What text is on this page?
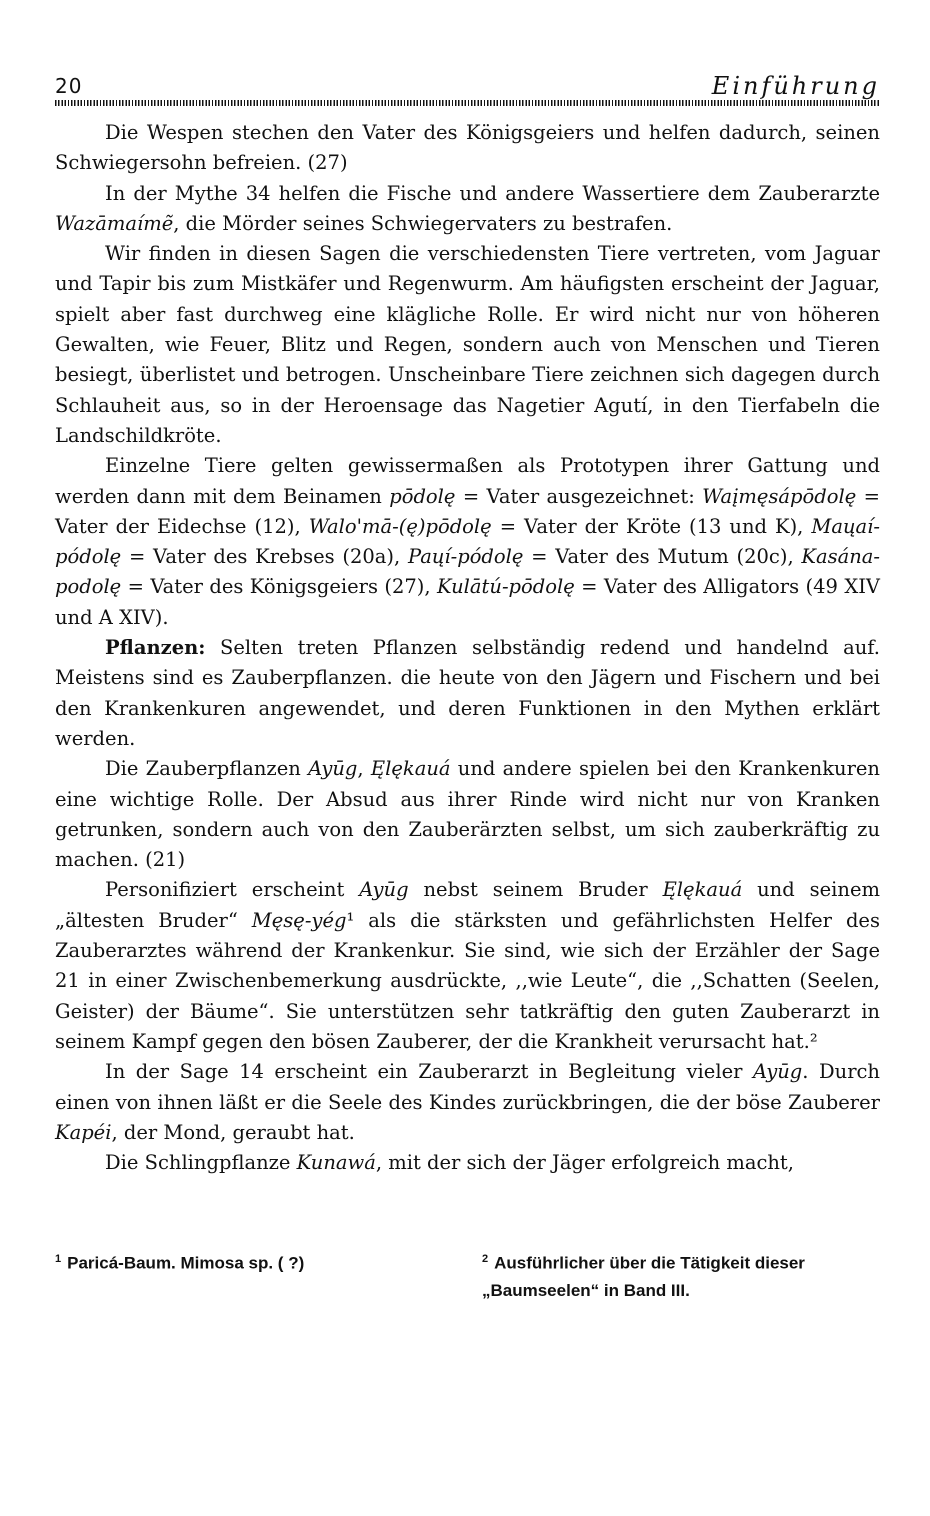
20	Einführung

Die Wespen stechen den Vater des Königsgeiers und helfen dadurch, seinen Schwiegersohn befreien. (27)

In der Mythe 34 helfen die Fische und andere Wassertiere dem Zauberarzte Wazāmaímẽ, die Mörder seines Schwiegervaters zu bestrafen.

Wir finden in diesen Sagen die verschiedensten Tiere vertreten, vom Jaguar und Tapir bis zum Mistkäfer und Regenwurm. Am häufigsten erscheint der Jaguar, spielt aber fast durchweg eine klägliche Rolle. Er wird nicht nur von höheren Gewalten, wie Feuer, Blitz und Regen, sondern auch von Menschen und Tieren besiegt, überlistet und betrogen. Unscheinbare Tiere zeichnen sich dagegen durch Schlauheit aus, so in der Heroensage das Nagetier Agutí, in den Tierfabeln die Landschildkröte.

Einzelne Tiere gelten gewissermaßen als Prototypen ihrer Gattung und werden dann mit dem Beinamen pōdolę = Vater ausgezeichnet: Waįmęsápōdolę = Vater der Eidechse (12), Walo'mā-(ę)pōdolę = Vater der Kröte (13 und K), Maųaí-pódolę = Vater des Krebses (20a), Paųí-pódolę = Vater des Mutum (20c), Kasána-podolę = Vater des Königsgeiers (27), Kulātú-pōdolę = Vater des Alligators (49 XIV und A XIV).

Pflanzen: Selten treten Pflanzen selbständig redend und handelnd auf. Meistens sind es Zauberpflanzen. die heute von den Jägern und Fischern und bei den Krankenkuren angewendet, und deren Funktionen in den Mythen erklärt werden.

Die Zauberpflanzen Ayūg, Ęlękauá und andere spielen bei den Krankenkuren eine wichtige Rolle. Der Absud aus ihrer Rinde wird nicht nur von Kranken getrunken, sondern auch von den Zauberärzten selbst, um sich zauberkräftig zu machen. (21)

Personifiziert erscheint Ayūg nebst seinem Bruder Ęlękauá und seinem „ältesten Bruder“ Męsę-yég¹ als die stärksten und gefährlichsten Helfer des Zauberarztes während der Krankenkur. Sie sind, wie sich der Erzähler der Sage 21 in einer Zwischenbemerkung ausdrückte, ,,wie Leute“, die ,,Schatten (Seelen, Geister) der Bäume“. Sie unterstützen sehr tatkräftig den guten Zauberarzt in seinem Kampf gegen den bösen Zauberer, der die Krankheit verursacht hat.²

In der Sage 14 erscheint ein Zauberarzt in Begleitung vieler Ayūg. Durch einen von ihnen läßt er die Seele des Kindes zurückbringen, die der böse Zauberer Kapéi, der Mond, geraubt hat.

Die Schlingpflanze Kunawá, mit der sich der Jäger erfolgreich macht,

$^1$ Paricá-Baum. Mimosa sp. ( ?)	$^2$ Ausführlicher über die Tätigkeit dieser „Baumseelen“ in Band III.
